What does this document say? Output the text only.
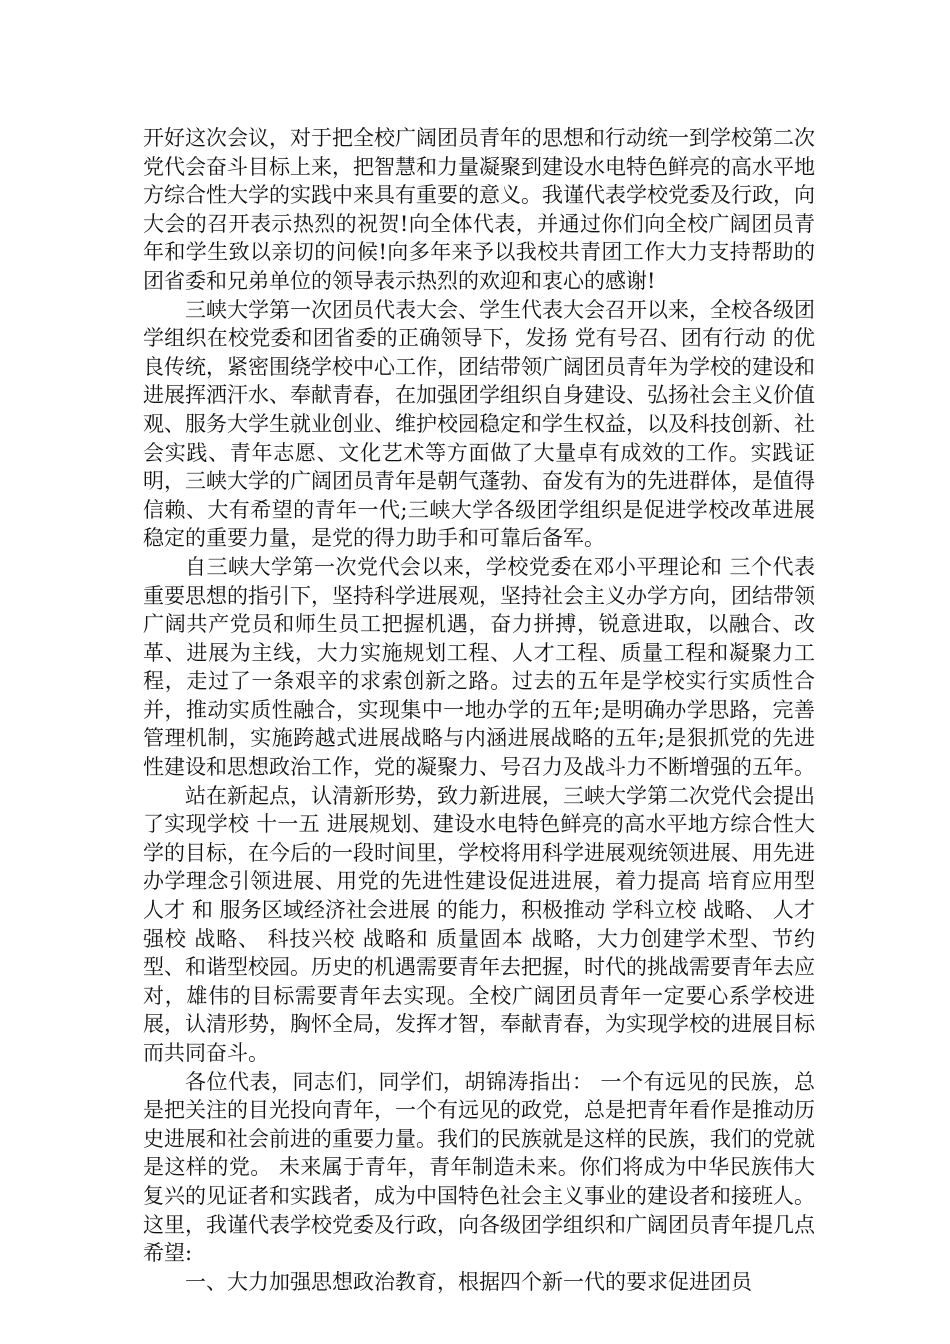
开好这次会议，对于把全校广阔团员青年的思想和行动统一到学校第二次党代会奋斗目标上来，把智慧和力量凝聚到建设水电特色鲜亮的高水平地方综合性大学的实践中来具有重要的意义。我谨代表学校党委及行政，向大会的召开表示热烈的祝贺!向全体代表，并通过你们向全校广阔团员青年和学生致以亲切的问候!向多年来予以我校共青团工作大力支持帮助的团省委和兄弟单位的领导表示热烈的欢迎和衷心的感谢!

三峡大学第一次团员代表大会、学生代表大会召开以来，全校各级团学组织在校党委和团省委的正确领导下，发扬 党有号召、团有行动 的优良传统，紧密围绕学校中心工作，团结带领广阔团员青年为学校的建设和进展挥洒汗水、奉献青春，在加强团学组织自身建设、弘扬社会主义价值观、服务大学生就业创业、维护校园稳定和学生权益，以及科技创新、社会实践、青年志愿、文化艺术等方面做了大量卓有成效的工作。实践证明，三峡大学的广阔团员青年是朝气蓬勃、奋发有为的先进群体，是值得信赖、大有希望的青年一代;三峡大学各级团学组织是促进学校改革进展稳定的重要力量，是党的得力助手和可靠后备军。

自三峡大学第一次党代会以来，学校党委在邓小平理论和 三个代表 重要思想的指引下，坚持科学进展观，坚持社会主义办学方向，团结带领广阔共产党员和师生员工把握机遇，奋力拼搏，锐意进取，以融合、改革、进展为主线，大力实施规划工程、人才工程、质量工程和凝聚力工程，走过了一条艰辛的求索创新之路。过去的五年是学校实行实质性合并，推动实质性融合，实现集中一地办学的五年;是明确办学思路，完善管理机制，实施跨越式进展战略与内涵进展战略的五年;是狠抓党的先进性建设和思想政治工作，党的凝聚力、号召力及战斗力不断增强的五年。

站在新起点，认清新形势，致力新进展，三峡大学第二次党代会提出了实现学校 十一五 进展规划、建设水电特色鲜亮的高水平地方综合性大学的目标，在今后的一段时间里，学校将用科学进展观统领进展、用先进办学理念引领进展、用党的先进性建设促进进展，着力提高 培育应用型人才 和 服务区域经济社会进展 的能力，积极推动 学科立校 战略、 人才强校 战略、 科技兴校 战略和 质量固本 战略，大力创建学术型、节约型、和谐型校园。历史的机遇需要青年去把握，时代的挑战需要青年去应对，雄伟的目标需要青年去实现。全校广阔团员青年一定要心系学校进展，认清形势，胸怀全局，发挥才智，奉献青春，为实现学校的进展目标而共同奋斗。

各位代表，同志们，同学们，胡锦涛指出： 一个有远见的民族，总是把关注的目光投向青年，一个有远见的政党，总是把青年看作是推动历史进展和社会前进的重要力量。我们的民族就是这样的民族，我们的党就是这样的党。 未来属于青年，青年制造未来。你们将成为中华民族伟大复兴的见证者和实践者，成为中国特色社会主义事业的建设者和接班人。这里，我谨代表学校党委及行政，向各级团学组织和广阔团员青年提几点希望:

一、大力加强思想政治教育，根据四个新一代的要求促进团员
